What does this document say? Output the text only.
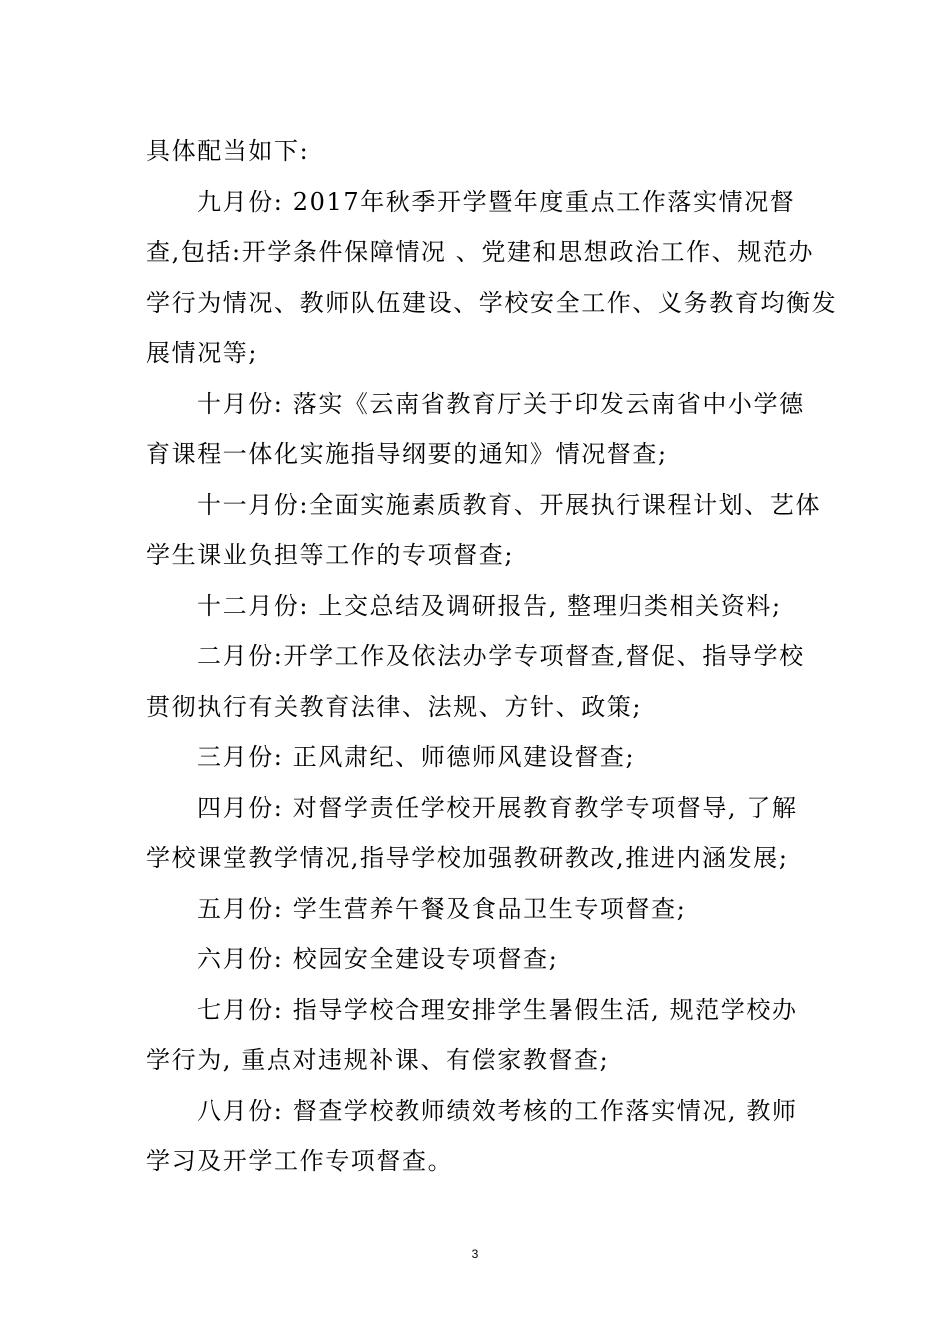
具体配当如下:
九月份: 2017年秋季开学暨年度重点工作落实情况督
查,包括:开学条件保障情况 、党建和思想政治工作、规范办
学行为情况、教师队伍建设、学校安全工作、义务教育均衡发
展情况等;
十月份: 落实《云南省教育厅关于印发云南省中小学德
育课程一体化实施指导纲要的通知》情况督查;
十一月份:全面实施素质教育、开展执行课程计划、艺体
学生课业负担等工作的专项督查;
十二月份: 上交总结及调研报告, 整理归类相关资料;
二月份:开学工作及依法办学专项督查,督促、指导学校
贯彻执行有关教育法律、法规、方针、政策;
三月份: 正风肃纪、师德师风建设督查;
四月份: 对督学责任学校开展教育教学专项督导, 了解
学校课堂教学情况,指导学校加强教研教改,推进内涵发展;
五月份: 学生营养午餐及食品卫生专项督查;
六月份: 校园安全建设专项督查;
七月份: 指导学校合理安排学生暑假生活, 规范学校办
学行为, 重点对违规补课、有偿家教督查;
八月份: 督查学校教师绩效考核的工作落实情况, 教师
学习及开学工作专项督查。
3
